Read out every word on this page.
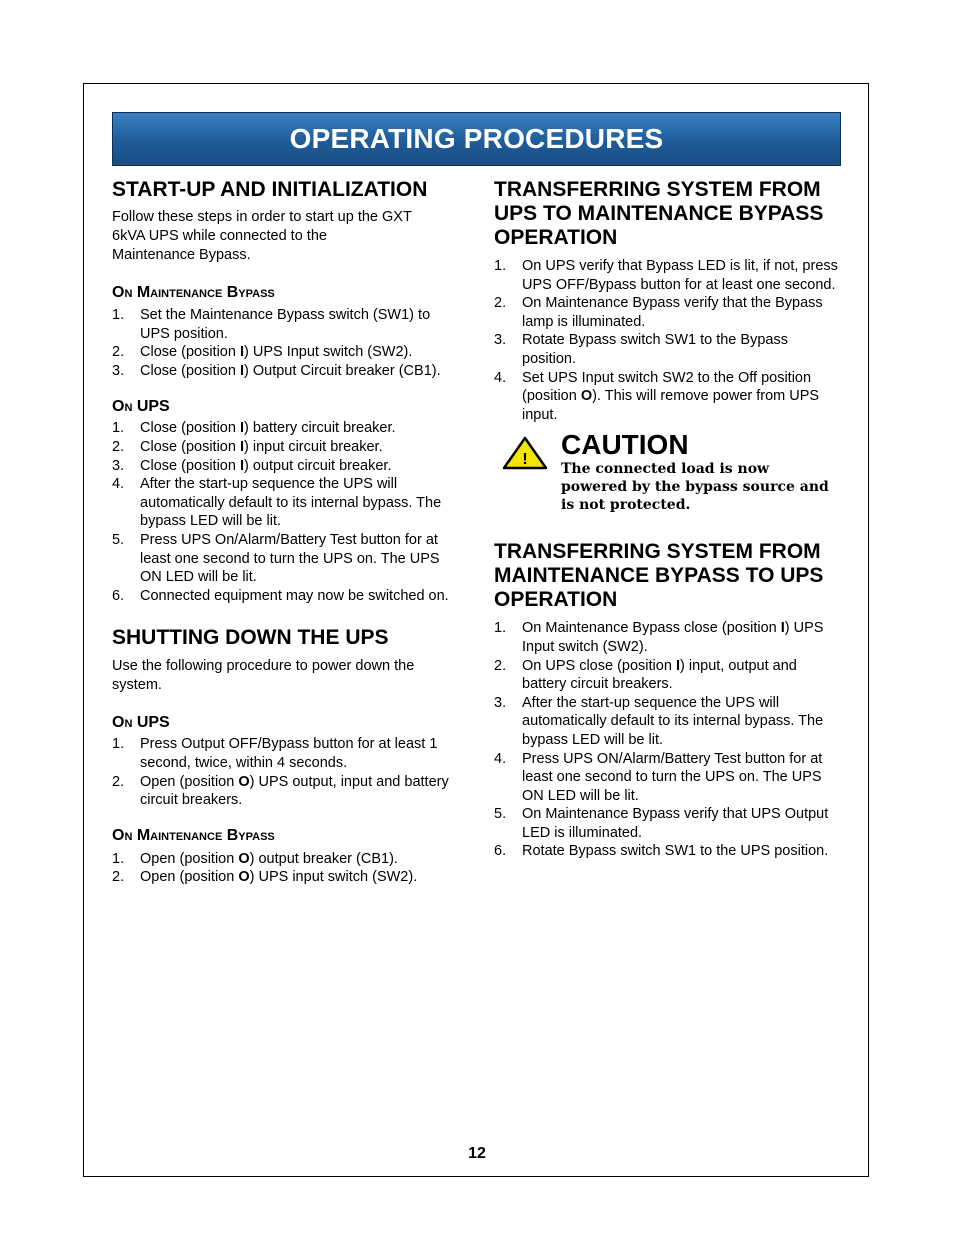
OPERATING PROCEDURES
START-UP AND INITIALIZATION

Follow these steps in order to start up the GXT 6kVA UPS while connected to the Maintenance Bypass.

On Maintenance Bypass
1. Set the Maintenance Bypass switch (SW1) to UPS position.
2. Close (position I) UPS Input switch (SW2).
3. Close (position I) Output Circuit breaker (CB1).
On UPS
1. Close (position I) battery circuit breaker.
2. Close (position I) input circuit breaker.
3. Close (position I) output circuit breaker.
4. After the start-up sequence the UPS will automatically default to its internal bypass. The bypass LED will be lit.
5. Press UPS On/Alarm/Battery Test button for at least one second to turn the UPS on. The UPS ON LED will be lit.
6. Connected equipment may now be switched on.
SHUTTING DOWN THE UPS

Use the following procedure to power down the system.

On UPS
1. Press Output OFF/Bypass button for at least 1 second, twice, within 4 seconds.
2. Open (position O) UPS output, input and battery circuit breakers.
On Maintenance Bypass
1. Open (position O) output breaker (CB1).
2. Open (position O) UPS input switch (SW2).
TRANSFERRING SYSTEM FROM UPS TO MAINTENANCE BYPASS OPERATION
1. On UPS verify that Bypass LED is lit, if not, press UPS OFF/Bypass button for at least one second.
2. On Maintenance Bypass verify that the Bypass lamp is illuminated.
3. Rotate Bypass switch SW1 to the Bypass position.
4. Set UPS Input switch SW2 to the Off position (position O). This will remove power from UPS input.
! CAUTION
The connected load is now powered by the bypass source and is not protected.
TRANSFERRING SYSTEM FROM MAINTENANCE BYPASS TO UPS OPERATION
1. On Maintenance Bypass close (position I) UPS Input switch (SW2).
2. On UPS close (position I) input, output and battery circuit breakers.
3. After the start-up sequence the UPS will automatically default to its internal bypass. The bypass LED will be lit.
4. Press UPS ON/Alarm/Battery Test button for at least one second to turn the UPS on. The UPS ON LED will be lit.
5. On Maintenance Bypass verify that UPS Output LED is illuminated.
6. Rotate Bypass switch SW1 to the UPS position.
12
